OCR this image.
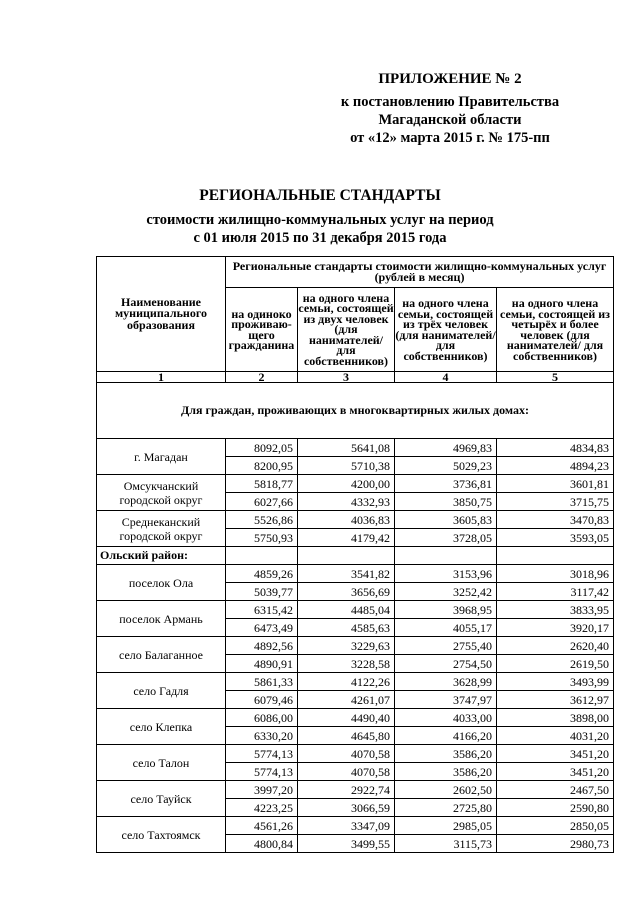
ПРИЛОЖЕНИЕ № 2
к постановлению Правительства
Магаданской области
от «12» марта 2015 г. № 175-пп
РЕГИОНАЛЬНЫЕ СТАНДАРТЫ
стоимости жилищно-коммунальных услуг на период
с 01 июля 2015 по 31 декабря 2015 года
Наименование муниципального образования	Региональные стандарты стоимости жилищно-коммунальных услуг (рублей в месяц)			
	на одиноко проживаю-щего гражданина	на одного члена семьи, состоящей из двух человек (для нанимателей/ для собственников)	на одного члена семьи, состоящей из трёх человек (для нанимателей/ для собственников)	на одного члена семьи, состоящей из четырёх и более человек (для нанимателей/ для собственников)
1	2	3	4	5
Для граждан, проживающих в многоквартирных жилых домах:				
г. Магадан	8092,05	5641,08	4969,83	4834,83
	8200,95	5710,38	5029,23	4894,23
Омсукчанский городской округ	5818,77	4200,00	3736,81	3601,81
	6027,66	4332,93	3850,75	3715,75
Среднеканский городской округ	5526,86	4036,83	3605,83	3470,83
	5750,93	4179,42	3728,05	3593,05
Ольский район:				
поселок Ола	4859,26	3541,82	3153,96	3018,96
	5039,77	3656,69	3252,42	3117,42
поселок Армань	6315,42	4485,04	3968,95	3833,95
	6473,49	4585,63	4055,17	3920,17
село Балаганное	4892,56	3229,63	2755,40	2620,40
	4890,91	3228,58	2754,50	2619,50
село Гадля	5861,33	4122,26	3628,99	3493,99
	6079,46	4261,07	3747,97	3612,97
село Клепка	6086,00	4490,40	4033,00	3898,00
	6330,20	4645,80	4166,20	4031,20
село Талон	5774,13	4070,58	3586,20	3451,20
	5774,13	4070,58	3586,20	3451,20
село Тауйск	3997,20	2922,74	2602,50	2467,50
	4223,25	3066,59	2725,80	2590,80
село Тахтоямск	4561,26	3347,09	2985,05	2850,05
	4800,84	3499,55	3115,73	2980,73
